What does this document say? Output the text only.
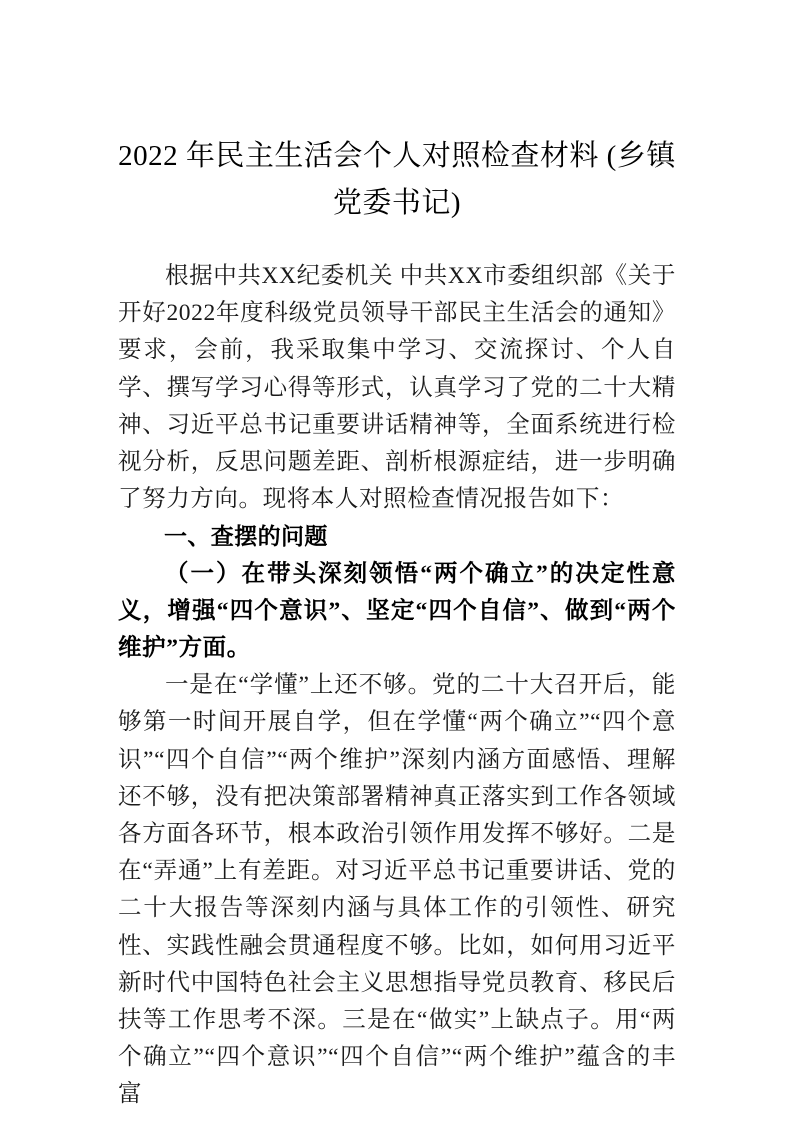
2022 年民主生活会个人对照检查材料 (乡镇
党委书记)

根据中共XX纪委机关 中共XX市委组织部《关于开好2022年度科级党员领导干部民主生活会的通知》要求，会前，我采取集中学习、交流探讨、个人自学、撰写学习心得等形式，认真学习了党的二十大精神、习近平总书记重要讲话精神等，全面系统进行检视分析，反思问题差距、剖析根源症结，进一步明确了努力方向。现将本人对照检查情况报告如下：

一、查摆的问题

（一）在带头深刻领悟“两个确立”的决定性意义，增强“四个意识”、坚定“四个自信”、做到“两个维护”方面。

一是在“学懂”上还不够。党的二十大召开后，能够第一时间开展自学，但在学懂“两个确立”“四个意识”“四个自信”“两个维护”深刻内涵方面感悟、理解还不够，没有把决策部署精神真正落实到工作各领域各方面各环节，根本政治引领作用发挥不够好。二是在“弄通”上有差距。对习近平总书记重要讲话、党的二十大报告等深刻内涵与具体工作的引领性、研究性、实践性融会贯通程度不够。比如，如何用习近平新时代中国特色社会主义思想指导党员教育、移民后扶等工作思考不深。三是在“做实”上缺点子。用“两个确立”“四个意识”“四个自信”“两个维护”蕴含的丰富
